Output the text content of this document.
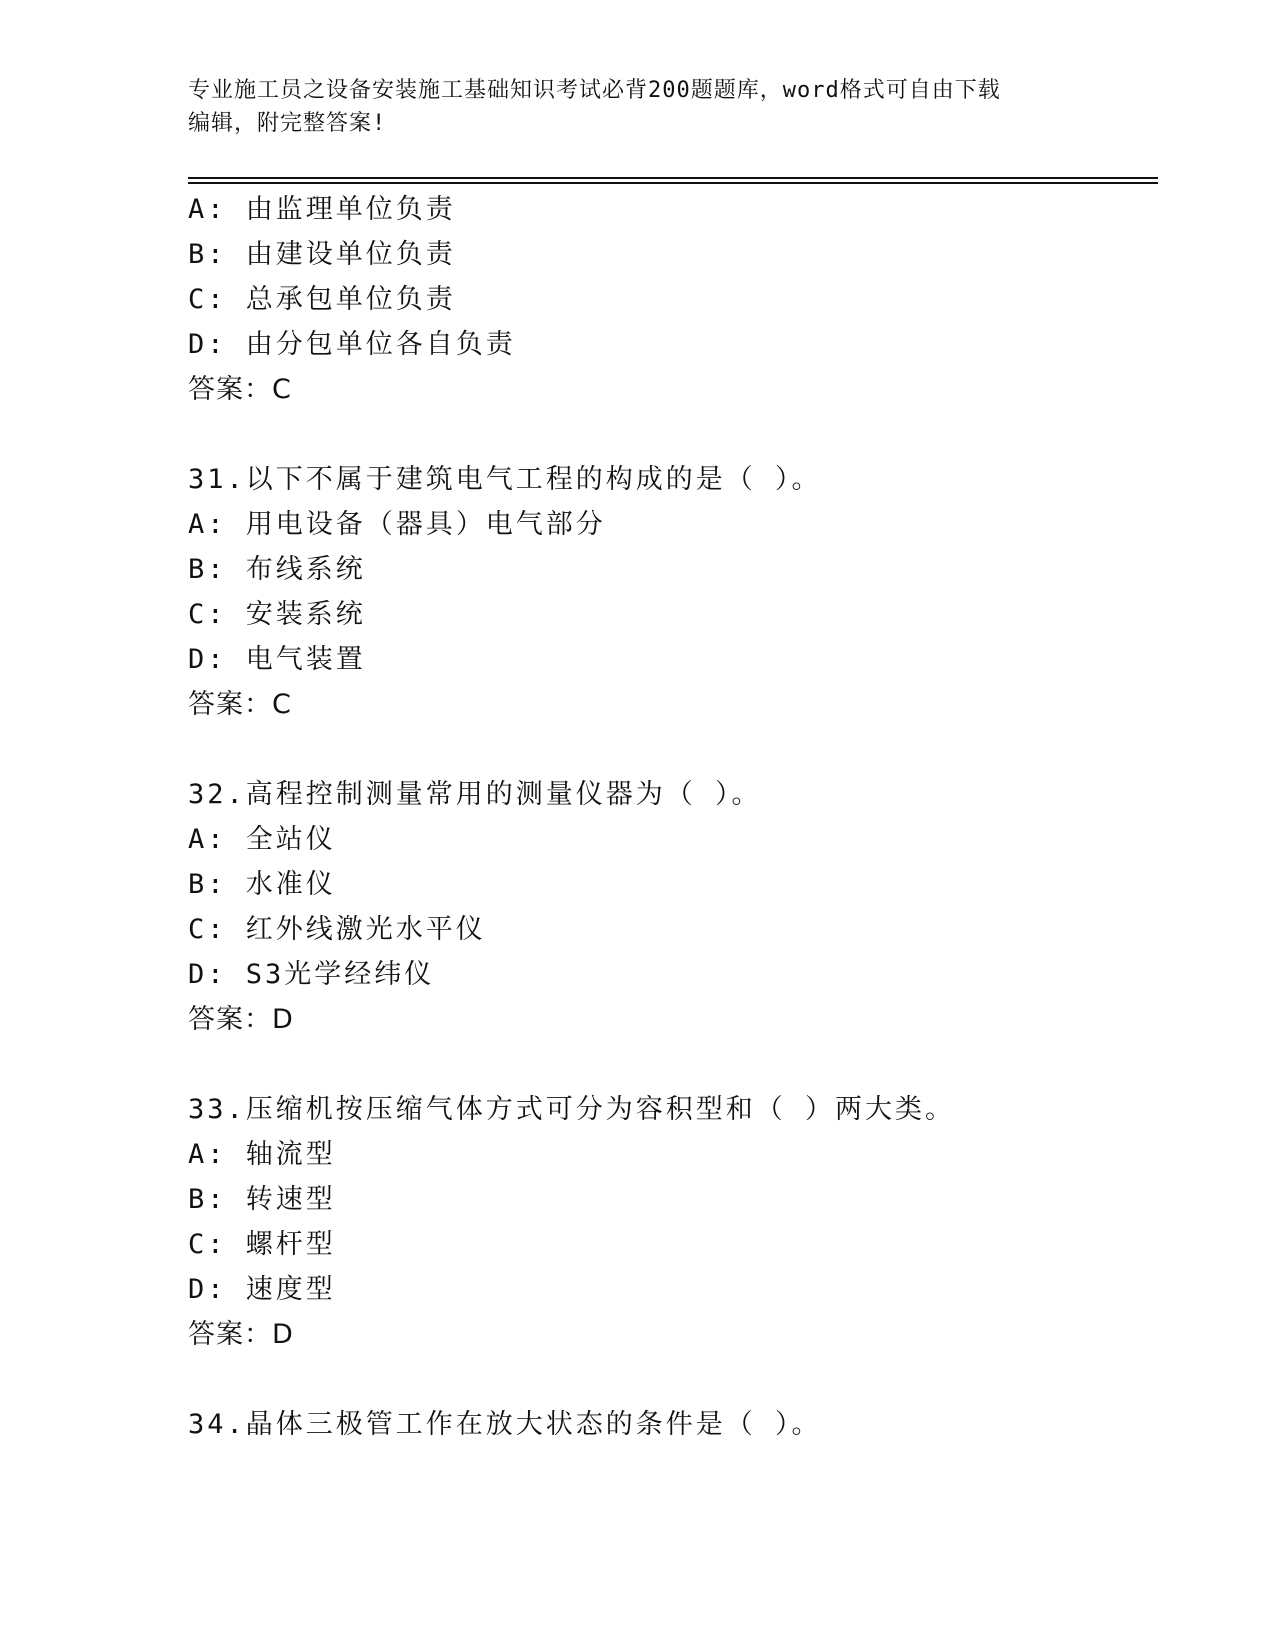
专业施工员之设备安装施工基础知识考试必背200题题库，word格式可自由下载
编辑，附完整答案!
A: 由监理单位负责
B: 由建设单位负责
C: 总承包单位负责
D: 由分包单位各自负责
答案：C
31.以下不属于建筑电气工程的构成的是（ ）。
A: 用电设备（器具）电气部分
B: 布线系统
C: 安装系统
D: 电气装置
答案：C
32.高程控制测量常用的测量仪器为（ ）。
A: 全站仪
B: 水准仪
C: 红外线激光水平仪
D: S3光学经纬仪
答案：D
33.压缩机按压缩气体方式可分为容积型和（ ）两大类。
A: 轴流型
B: 转速型
C: 螺杆型
D: 速度型
答案：D
34.晶体三极管工作在放大状态的条件是（ ）。
